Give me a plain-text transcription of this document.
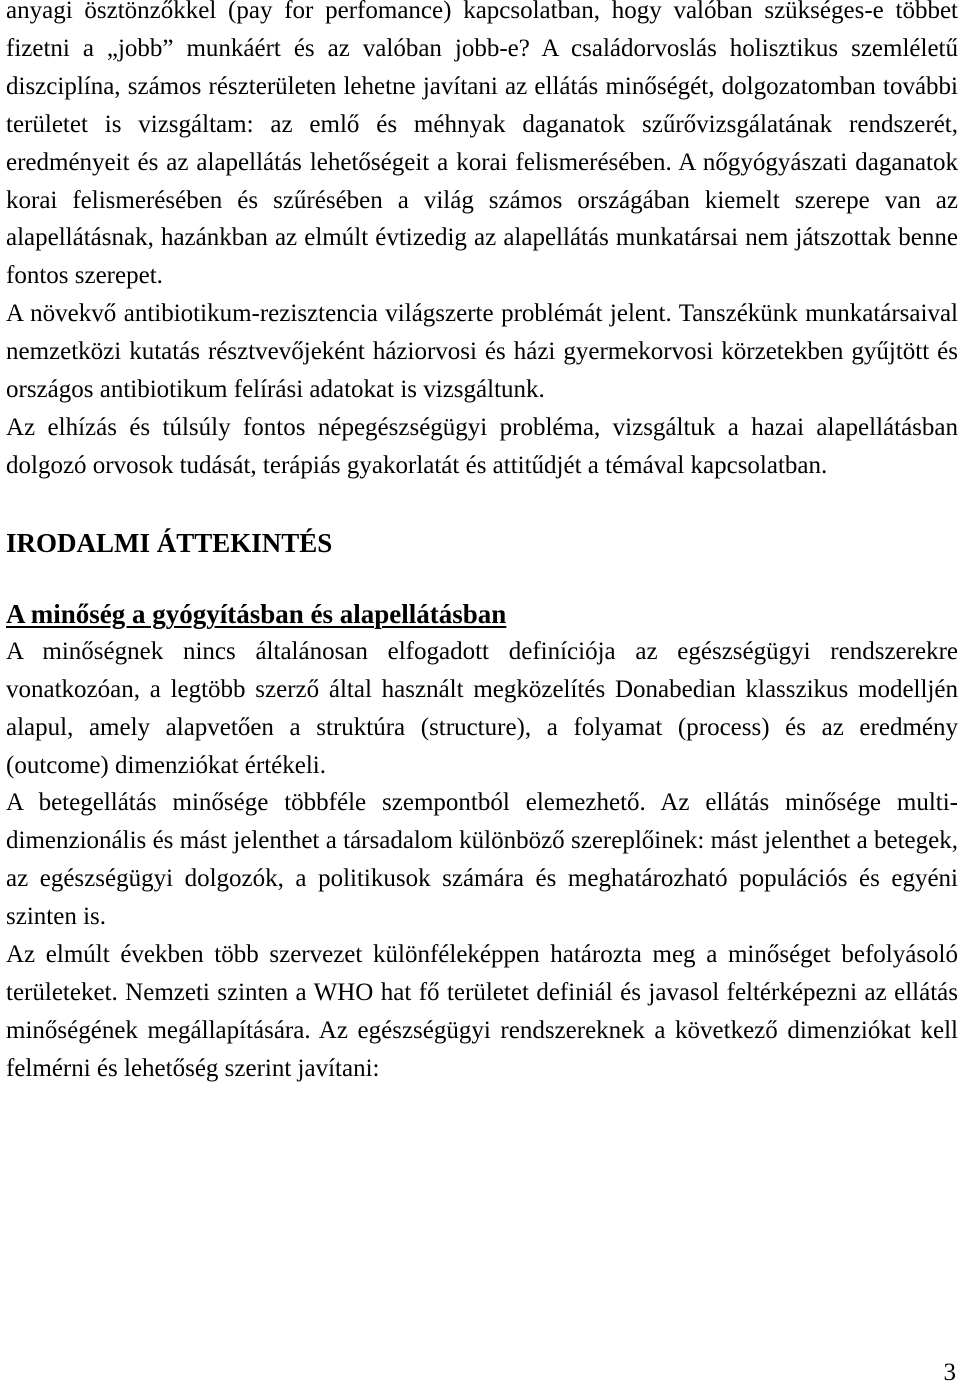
anyagi ösztönzőkkel (pay for perfomance) kapcsolatban, hogy valóban szükséges-e többet fizetni a „jobb” munkáért és az valóban jobb-e? A családorvoslás holisztikus szemléletű diszciplína, számos részterületen lehetne javítani az ellátás minőségét, dolgozatomban további területet is vizsgáltam: az emlő és méhnyak daganatok szűrővizsgálatának rendszerét, eredményeit és az alapellátás lehetőségeit a korai felismerésében. A nőgyógyászati daganatok korai felismerésében és szűrésében a világ számos országában kiemelt szerepe van az alapellátásnak, hazánkban az elmúlt évtizedig az alapellátás munkatársai nem játszottak benne fontos szerepet.

A növekvő antibiotikum-rezisztencia világszerte problémát jelent. Tanszékünk munkatársaival nemzetközi kutatás résztvevőjeként háziorvosi és házi gyermekorvosi körzetekben gyűjtött és országos antibiotikum felírási adatokat is vizsgáltunk.

Az elhízás és túlsúly fontos népegészségügyi probléma, vizsgáltuk a hazai alapellátásban dolgozó orvosok tudását, terápiás gyakorlatát és attitűdjét a témával kapcsolatban.

IRODALMI ÁTTEKINTÉS
A minőség a gyógyításban és alapellátásban

A minőségnek nincs általánosan elfogadott definíciója az egészségügyi rendszerekre vonatkozóan, a legtöbb szerző által használt megközelítés Donabedian klasszikus modelljén alapul, amely alapvetően a struktúra (structure), a folyamat (process) és az eredmény (outcome) dimenziókat értékeli.

A betegellátás minősége többféle szempontból elemezhető. Az ellátás minősége multi-dimenzionális és mást jelenthet a társadalom különböző szereplőinek: mást jelenthet a betegek, az egészségügyi dolgozók, a politikusok számára és meghatározható populációs és egyéni szinten is.

Az elmúlt években több szervezet különféleképpen határozta meg a minőséget befolyásoló területeket. Nemzeti szinten a WHO hat fő területet definiál és javasol feltérképezni az ellátás minőségének megállapítására. Az egészségügyi rendszereknek a következő dimenziókat kell felmérni és lehetőség szerint javítani:

3
